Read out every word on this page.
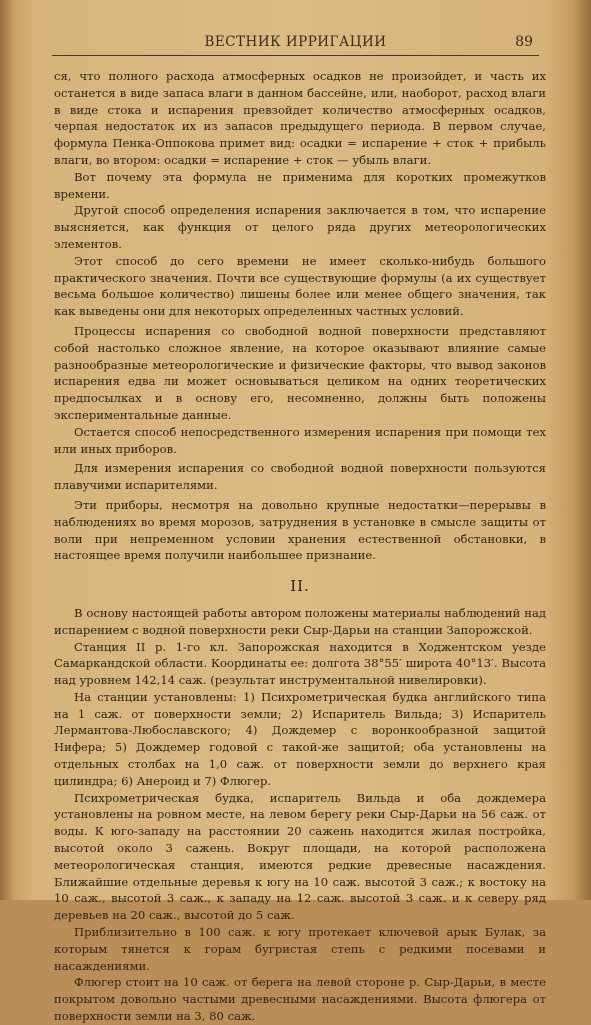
ВЕСТНИК ИРРИГАЦИИ	89

ся, что полного расхода атмосферных осадков не произойдет, и часть их останется в виде запаса влаги в данном бассейне, или, наоборот, расход влаги в виде стока и испарения превзойдет количество атмосферных осадков, черпая недостаток их из запасов предыдущего периода. В первом случае, формула Пенка-Оппокова примет вид: осадки = испарение + сток + прибыль влаги, во втором: осадки = испарение + сток — убыль влаги.

Вот почему эта формула не применима для коротких промежутков времени.

Другой способ определения испарения заключается в том, что испарение выясняется, как функция от целого ряда других метеорологических элементов.

Этот способ до сего времени не имеет сколько-нибудь большого практического значения. Почти все существующие формулы (а их существует весьма большое количество) лишены более или менее общего значения, так как выведены они для некоторых определенных частных условий.

Процессы испарения со свободной водной поверхности представляют собой настолько сложное явление, на которое оказывают влияние самые разнообразные метеорологические и физические факторы, что вывод законов испарения едва ли может основываться целиком на одних теоретических предпосылках и в основу его, несомненно, должны быть положены экспериментальные данные.

Остается способ непосредственного измерения испарения при помощи тех или иных приборов.

Для измерения испарения со свободной водной поверхности пользуются плавучими испарителями.

Эти приборы, несмотря на довольно крупные недостатки—перерывы в наблюдениях во время морозов, затруднения в установке в смысле защиты от воли при непременном условии хранения естественной обстановки, в настоящее время получили наибольшее признание.

II.

В основу настоящей работы автором положены материалы наблюдений над испарением с водной поверхности реки Сыр-Дарьи на станции Запорожской.

Станция II р. 1-го кл. Запорожская находится в Ходжентском уезде Самаркандской области. Координаты ее: долгота 38°55′ широта 40°13′. Высота над уровнем 142,14 саж. (результат инструментальной нивелировки).

На станции установлены: 1) Психрометрическая будка английского типа на 1 саж. от поверхности земли; 2) Испаритель Вильда; 3) Испаритель Лермантова-Любославского; 4) Дождемер с воронкообразной защитой Нифера; 5) Дождемер годовой с такой-же защитой; оба установлены на отдельных столбах на 1,0 саж. от поверхности земли до верхнего края цилиндра; 6) Анероид и 7) Флюгер.

Психрометрическая будка, испаритель Вильда и оба дождемера установлены на ровном месте, на левом берегу реки Сыр-Дарьи на 56 саж. от воды. К юго-западу на расстоянии 20 сажень находится жилая постройка, высотой около 3 сажень. Вокруг площади, на которой расположена метеорологическая станция, имеются редкие древесные насаждения. Ближайшие отдельные деревья к югу на 10 саж. высотой 3 саж.; к востоку на 10 саж., высотой 3 саж., к западу на 12 саж. высотой 3 саж. и к северу ряд деревьев на 20 саж., высотой до 5 саж.

Приблизительно в 100 саж. к югу протекает ключевой арык Булак, за которым тянется к горам бугристая степь с редкими посевами и насаждениями.

Флюгер стоит на 10 саж. от берега на левой стороне р. Сыр-Дарьи, в месте покрытом довольно частыми древесными насаждениями. Высота флюгера от поверхности земли на 3, 80 саж.
